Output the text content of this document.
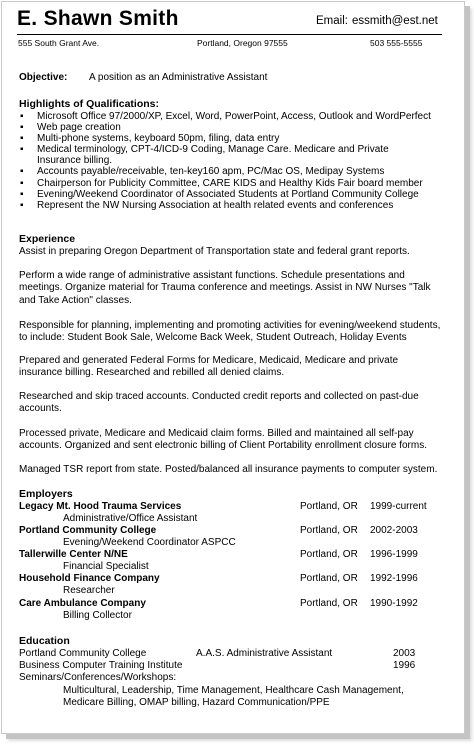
E. Shawn Smith	Email: essmith@est.net
555 South Grant Ave.	Portland, Oregon 97555	503 555-5555
Objective: A position as an Administrative Assistant
Highlights of Qualifications:
▪ Microsoft Office 97/2000/XP, Excel, Word, PowerPoint, Access, Outlook and WordPerfect
▪ Web page creation
▪ Multi-phone systems, keyboard 50pm, filing, data entry
▪ Medical terminology, CPT-4/ICD-9 Coding, Manage Care. Medicare and Private Insurance billing.
▪ Accounts payable/receivable, ten-key160 apm, PC/Mac OS, Medipay Systems
▪ Chairperson for Publicity Committee, CARE KIDS and Healthy Kids Fair board member
▪ Evening/Weekend Coordinator of Associated Students at Portland Community College
▪ Represent the NW Nursing Association at health related events and conferences
Experience
Assist in preparing Oregon Department of Transportation state and federal grant reports.
Perform a wide range of administrative assistant functions. Schedule presentations and meetings. Organize material for Trauma conference and meetings. Assist in NW Nurses "Talk and Take Action" classes.
Responsible for planning, implementing and promoting activities for evening/weekend students, to include: Student Book Sale, Welcome Back Week, Student Outreach, Holiday Events
Prepared and generated Federal Forms for Medicare, Medicaid, Medicare and private insurance billing. Researched and rebilled all denied claims.
Researched and skip traced accounts. Conducted credit reports and collected on past-due accounts.
Processed private, Medicare and Medicaid claim forms. Billed and maintained all self-pay accounts. Organized and sent electronic billing of Client Portability enrollment closure forms.
Managed TSR report from state. Posted/balanced all insurance payments to computer system.
Employers
Legacy Mt. Hood Trauma Services	Portland, OR 1999-current
Administrative/Office Assistant
Portland Community College	Portland, OR 2002-2003
Evening/Weekend Coordinator ASPCC
Tallerwille Center N/NE	Portland, OR 1996-1999
Financial Specialist
Household Finance Company	Portland, OR 1992-1996
Researcher
Care Ambulance Company	Portland, OR 1990-1992
Billing Collector
Education
Portland Community College	A.A.S. Administrative Assistant	2003
Business Computer Training Institute	1996
Seminars/Conferences/Workshops:
Multicultural, Leadership, Time Management, Healthcare Cash Management, Medicare Billing, OMAP billing, Hazard Communication/PPE
